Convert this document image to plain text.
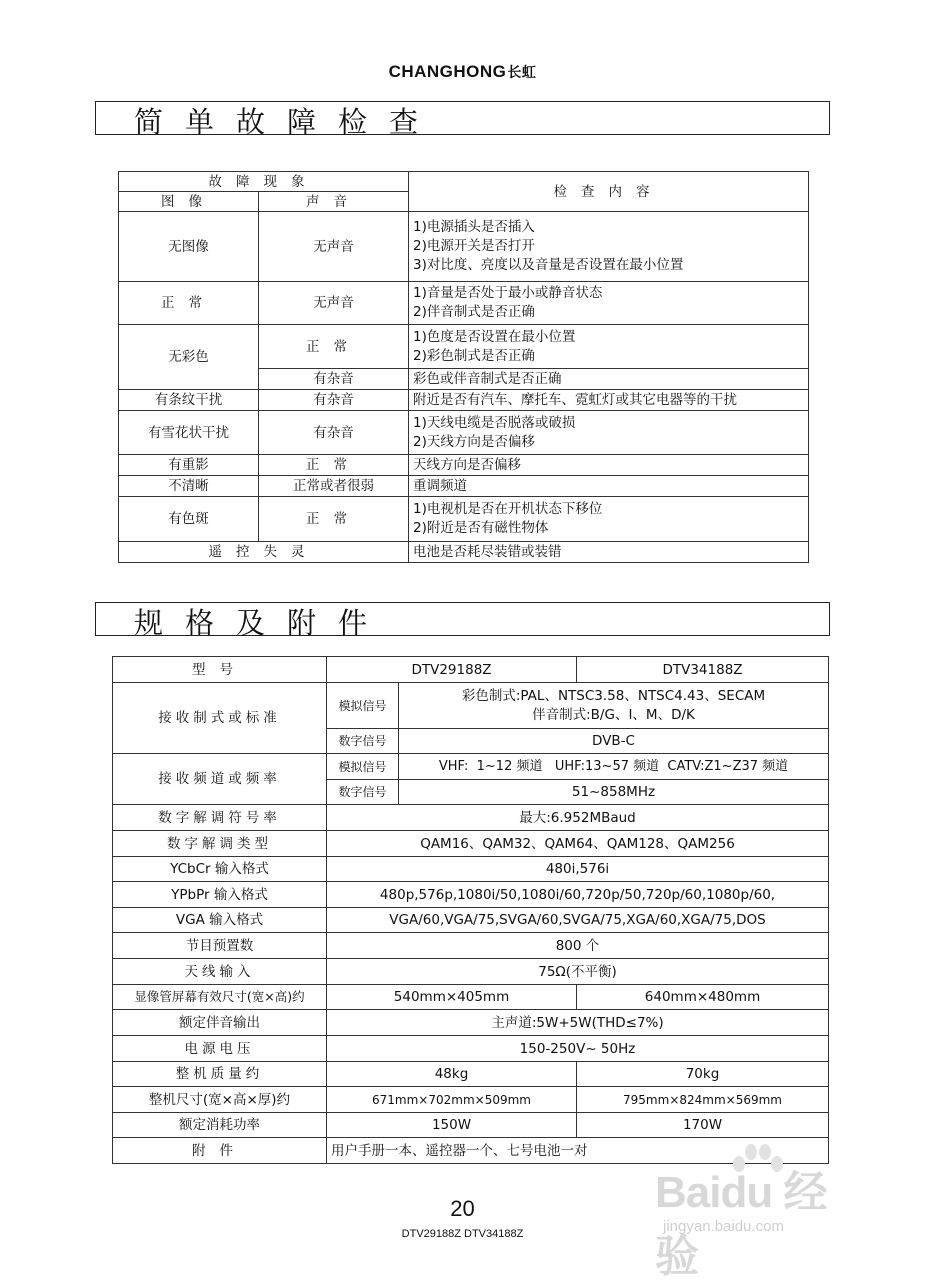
CHANGHONG长虹
简单故障检查
故障现象		检查内容
图像	声音	
无图像	无声音	1)电源插头是否插入
2)电源开关是否打开
3)对比度、亮度以及音量是否设置在最小位置

正常	无声音	1)音量是否处于最小或静音状态
2)伴音制式是否正确

无彩色	正常	1)色度是否设置在最小位置
2)彩色制式是否正确

	有杂音	彩色或伴音制式是否正确
有条纹干扰	有杂音	附近是否有汽车、摩托车、霓虹灯或其它电器等的干扰
有雪花状干扰	有杂音	1)天线电缆是否脱落或破损
2)天线方向是否偏移

有重影	正常	天线方向是否偏移
不清晰	正常或者很弱	重调频道
有色斑	正常	1)电视机是否在开机状态下移位
2)附近是否有磁性物体

遥控失灵		电池是否耗尽装错或装错
规格及附件
型号	DTV29188Z		DTV34188Z
接收制式或标准	模拟信号	彩色制式:PAL、NTSC3.58、NTSC4.43、SECAM
伴音制式:B/G、I、M、D/K	

	数字信号	DVB-C	
接收频道或频率	模拟信号	VHF:  1~12 频道   UHF:13~57 频道  CATV:Z1~Z37 频道	
	数字信号	51~858MHz	
数字解调符号率	最大:6.952MBaud		
数字解调类型	QAM16、QAM32、QAM64、QAM128、QAM256		
YCbCr 输入格式	480i,576i		
YPbPr 输入格式	480p,576p,1080i/50,1080i/60,720p/50,720p/60,1080p/60,		
VGA 输入格式	VGA/60,VGA/75,SVGA/60,SVGA/75,XGA/60,XGA/75,DOS		
节目预置数	800 个		
天线输入	75Ω(不平衡)		
显像管屏幕有效尺寸(宽×高)约	540mm×405mm		640mm×480mm
额定伴音输出	主声道:5W+5W(THD≤7%)		
电源电压	150-250V~ 50Hz		
整机质量约	48kg		70kg
整机尺寸(宽×高×厚)约	671mm×702mm×509mm		795mm×824mm×569mm
额定消耗功率	150W		170W
附件	用户手册一本、遥控器一个、七号电池一对		
Baidu 经验
jingyan.baidu.com
20
DTV29188Z DTV34188Z
